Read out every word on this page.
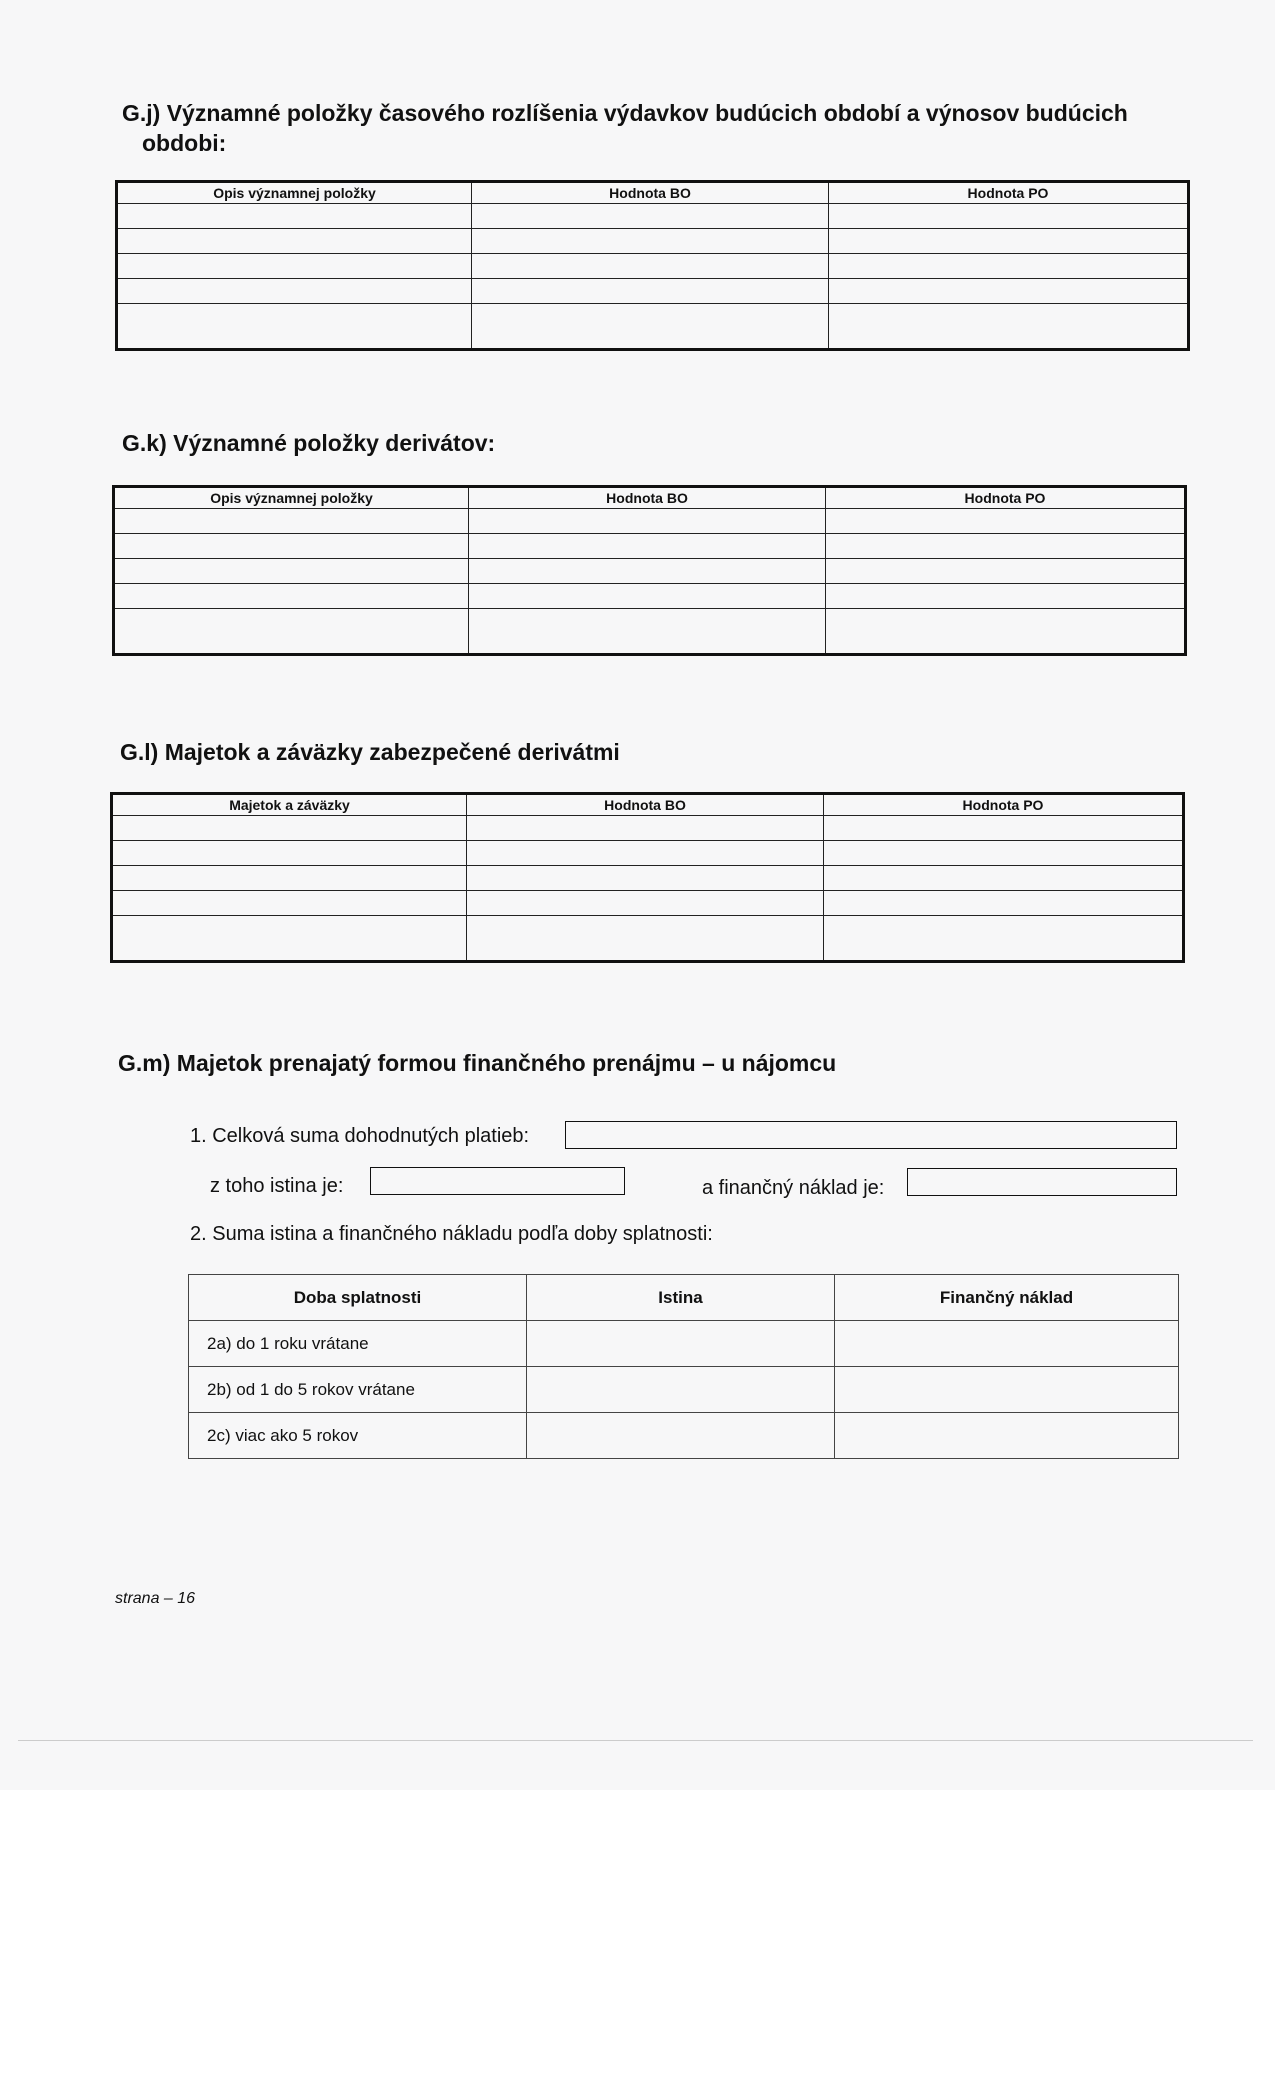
G.j) Významné položky časového rozlíšenia výdavkov budúcich období a výnosov budúcich obdobi:
Opis významnej položky	Hodnota BO	Hodnota PO

G.k) Významné položky derivátov:
Opis významnej položky	Hodnota BO	Hodnota PO

G.l) Majetok a záväzky zabezpečené derivátmi
Majetok a záväzky	Hodnota BO	Hodnota PO

G.m) Majetok prenajatý formou finančného prenájmu – u nájomcu
1. Celková suma dohodnutých platieb:
z toho istina je:	a finančný náklad je:
2. Suma istina a finančného nákladu podľa doby splatnosti:
Doba splatnosti	Istina	Finančný náklad
2a) do 1 roku vrátane		
2b) od 1 do 5 rokov vrátane		
2c) viac ako 5 rokov		
strana – 16
